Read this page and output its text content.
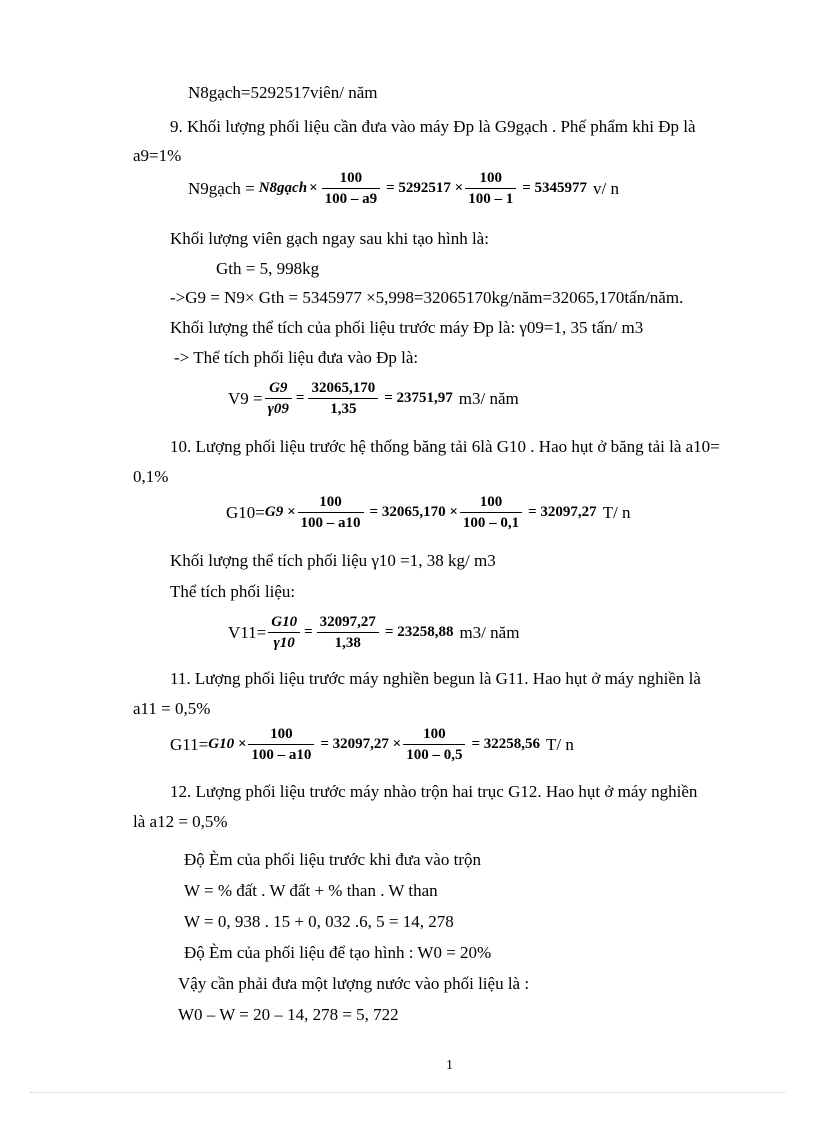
N8gạch=5292517viên/ năm
9. Khối lượng phối liệu cần đưa vào máy Đp là G9gạch . Phế phẩm khi Đp là
a9=1%
N9gạch = N8gạch × $\frac{100}{100 - a9} = 5292517 \times \frac{100}{100 - 1} = 5345977$ v/ n
Khối lượng viên gạch ngay sau khi tạo hình là:
Gth = 5, 998kg
->G9 = N9× Gth = 5345977 ×5,998=32065170kg/năm=32065,170tấn/năm.
Khối lượng thể tích của phối liệu trước máy Đp là: γ09=1, 35 tấn/ m3
-> Thể tích phối liệu đưa vào Đp là:
$V9 = \frac{G9}{\gamma 09} = \frac{32065,170}{1,35} = 23751,97$ m3/ năm
10. Lượng phối liệu trước hệ thống băng tải 6là G10 . Hao hụt ở băng tải là a10=
0,1%
$G10= G9 \times \frac{100}{100 - a10} = 32065,170 \times \frac{100}{100 - 0,1} = 32097,27$ T/ n
Khối lượng thể tích phối liệu γ10 =1, 38 kg/ m3
Thể tích phối liệu:
$V11= \frac{G10}{\gamma 10} = \frac{32097,27}{1,38} = 23258,88$ m3/ năm
11. Lượng phối liệu trước máy nghiền begun là G11. Hao hụt ở máy nghiền là
a11 = 0,5%
$G11= G10 \times \frac{100}{100 - a10} = 32097,27 \times \frac{100}{100 - 0,5} = 32258,56$ T/ n
12. Lượng phối liệu trước máy nhào trộn hai trục G12. Hao hụt ở máy nghiền
là a12 = 0,5%
Độ Èm của phối liệu trước khi đưa vào trộn
W = % đất . W đất + % than . W than
W = 0, 938 . 15 + 0, 032 .6, 5 = 14, 278
Độ Èm của phối liệu để tạo hình : W0 = 20%
Vậy cần phải đưa một lượng nước vào phối liệu là :
W0 – W = 20 – 14, 278 = 5, 722
1
